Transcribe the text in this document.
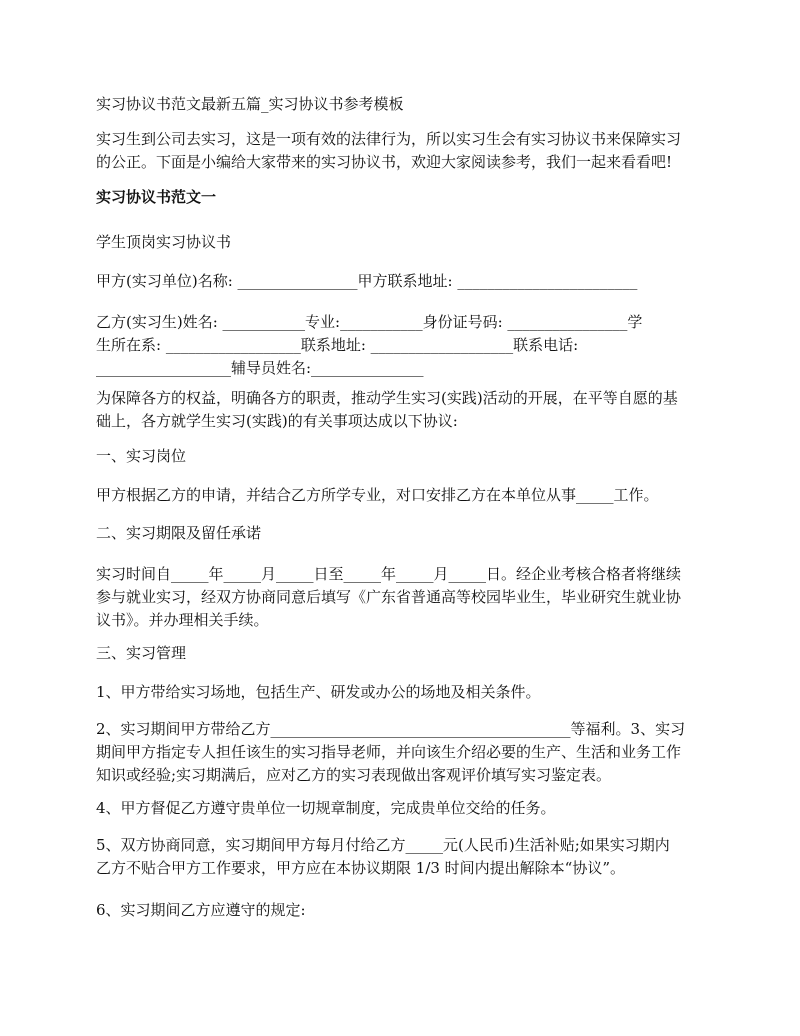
实习协议书范文最新五篇_实习协议书参考模板

实习生到公司去实习，这是一项有效的法律行为，所以实习生会有实习协议书来保障实习
的公正。下面是小编给大家带来的实习协议书，欢迎大家阅读参考，我们一起来看看吧!

实习协议书范文一

学生顶岗实习协议书

甲方(实习单位)名称: ________________甲方联系地址: ________________________

乙方(实习生)姓名: ___________专业:___________身份证号码: ________________学
生所在系: __________________联系地址: ___________________联系电话:
__________________辅导员姓名:_______________

为保障各方的权益，明确各方的职责，推动学生实习(实践)活动的开展，在平等自愿的基
础上，各方就学生实习(实践)的有关事项达成以下协议:

一、实习岗位

甲方根据乙方的申请，并结合乙方所学专业，对口安排乙方在本单位从事_____工作。

二、实习期限及留任承诺

实习时间自_____年_____月_____日至_____年_____月_____日。经企业考核合格者将继续
参与就业实习，经双方协商同意后填写《广东省普通高等校园毕业生，毕业研究生就业协
议书》。并办理相关手续。

三、实习管理

1、甲方带给实习场地，包括生产、研发或办公的场地及相关条件。

2、实习期间甲方带给乙方________________________________________等福利。3、实习
期间甲方指定专人担任该生的实习指导老师，并向该生介绍必要的生产、生活和业务工作
知识或经验;实习期满后，应对乙方的实习表现做出客观评价填写实习鉴定表。

4、甲方督促乙方遵守贵单位一切规章制度，完成贵单位交给的任务。

5、双方协商同意，实习期间甲方每月付给乙方_____元(人民币)生活补贴;如果实习期内
乙方不贴合甲方工作要求，甲方应在本协议期限 1/3 时间内提出解除本“协议”。

6、实习期间乙方应遵守的规定:
